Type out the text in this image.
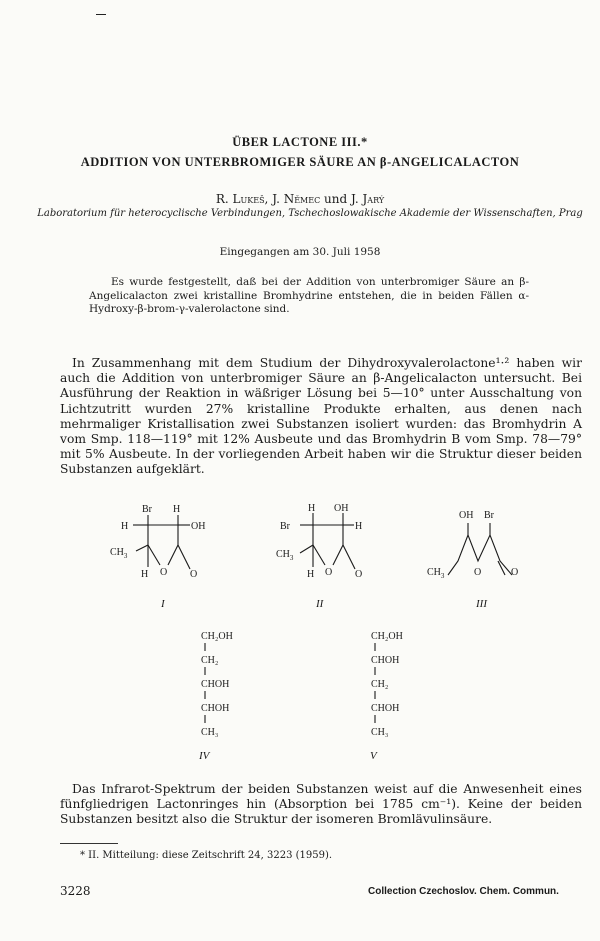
ÜBER LACTONE III.*
ADDITION VON UNTERBROMIGER SÄURE AN β-ANGELICALACTON
R. Lukeš, J. Němec und J. Jarý
Laboratorium für heterocyclische Verbindungen, Tschechoslowakische Akademie der Wissenschaften, Prag
Eingegangen am 30. Juli 1958
Es wurde festgestellt, daß bei der Addition von unterbromiger Säure an β-Angelicalacton zwei kristalline Bromhydrine entstehen, die in beiden Fällen α-Hydroxy-β-brom-γ-valerolactone sind.
In Zusammenhang mit dem Studium der Dihydroxyvalerolactone¹·² haben wir auch die Addition von unterbromiger Säure an β-Angelicalacton untersucht. Bei Ausführung der Reaktion in wäßriger Lösung bei 5—10° unter Ausschaltung von Lichtzutritt wurden 27% kristalline Produkte erhalten, aus denen nach mehrmaliger Kristallisation zwei Substanzen isoliert wurden: das Bromhydrin A vom Smp. 118—119° mit 12% Ausbeute und das Bromhydrin B vom Smp. 78—79° mit 5% Ausbeute. In der vorliegenden Arbeit haben wir die Struktur dieser beiden Substanzen aufgeklärt.
Br H
H	OH
$CH_3$
H O O
I
H OH
Br	H
$CH_3$
H O O
II
OH Br
$CH_3$	O	O
III
CH₂OH
CH₂
CHOH
CHOH
CH₃
IV
CH₂OH
CHOH
CH₂
CHOH
CH₃
V
Das Infrarot-Spektrum der beiden Substanzen weist auf die Anwesenheit eines fünfgliedrigen Lactonringes hin (Absorption bei 1785 cm⁻¹). Keine der beiden Substanzen besitzt also die Struktur der isomeren Bromlävulinsäure.
* II. Mitteilung: diese Zeitschrift 24, 3223 (1959).
3228	Collection Czechoslov. Chem. Commun.
